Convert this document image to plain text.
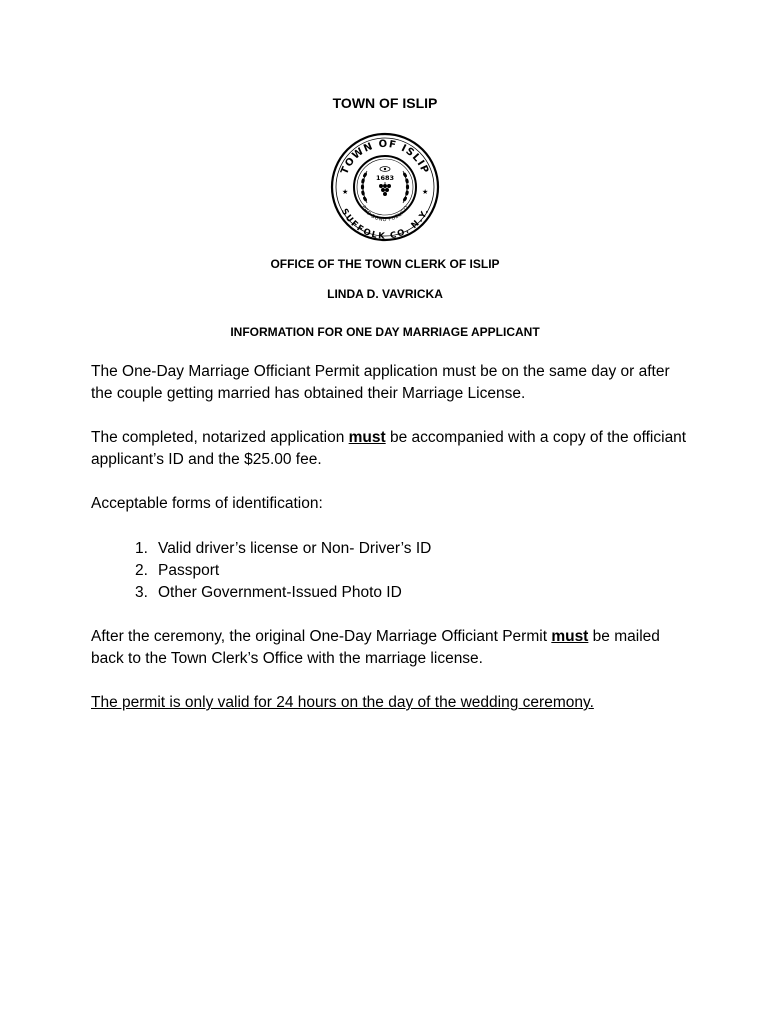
TOWN OF ISLIP
TOWN OF ISLIP
SUFFOLK CO. N.Y.
★	★
1683
PRO BONO PUBLICO
OFFICE OF THE TOWN CLERK OF ISLIP
LINDA D. VAVRICKA
INFORMATION FOR ONE DAY MARRIAGE APPLICANT
The One-Day Marriage Officiant Permit application must be on the same day or after the couple getting married has obtained their Marriage License.
The completed, notarized application must be accompanied with a copy of the officiant applicant’s ID and the $25.00 fee.
Acceptable forms of identification:
1. Valid driver’s license or Non- Driver’s ID
2. Passport
3. Other Government-Issued Photo ID
After the ceremony, the original One-Day Marriage Officiant Permit must be mailed back to the Town Clerk’s Office with the marriage license.
The permit is only valid for 24 hours on the day of the wedding ceremony.
